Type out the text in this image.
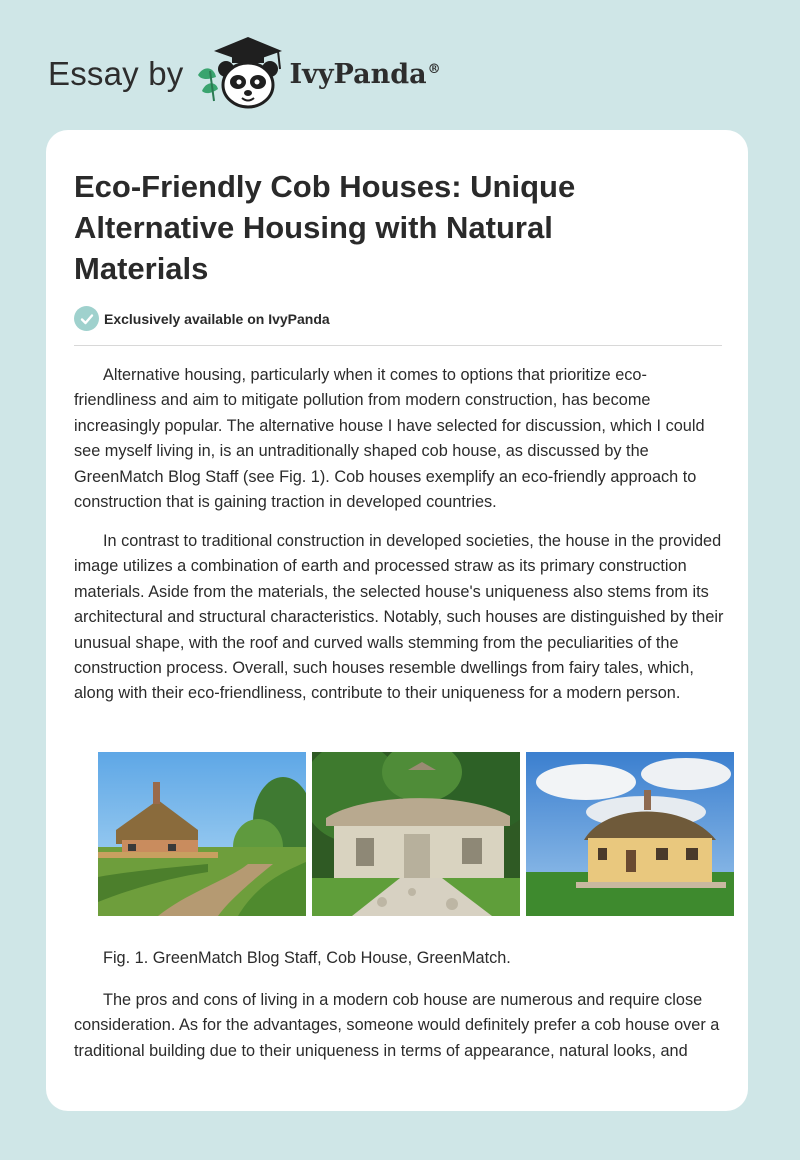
Essay by	IvyPanda®
Eco-Friendly Cob Houses: Unique Alternative Housing with Natural Materials
Exclusively available on IvyPanda

Alternative housing, particularly when it comes to options that prioritize eco-friendliness and aim to mitigate pollution from modern construction, has become increasingly popular. The alternative house I have selected for discussion, which I could see myself living in, is an untraditionally shaped cob house, as discussed by the GreenMatch Blog Staff (see Fig. 1). Cob houses exemplify an eco-friendly approach to construction that is gaining traction in developed countries.

In contrast to traditional construction in developed societies, the house in the provided image utilizes a combination of earth and processed straw as its primary construction materials. Aside from the materials, the selected house's uniqueness also stems from its architectural and structural characteristics. Notably, such houses are distinguished by their unusual shape, with the roof and curved walls stemming from the peculiarities of the construction process. Overall, such houses resemble dwellings from fairy tales, which, along with their eco-friendliness, contribute to their uniqueness for a modern person.

Fig. 1. GreenMatch Blog Staff, Cob House, GreenMatch.

The pros and cons of living in a modern cob house are numerous and require close consideration. As for the advantages, someone would definitely prefer a cob house over a traditional building due to their uniqueness in terms of appearance, natural looks, and
